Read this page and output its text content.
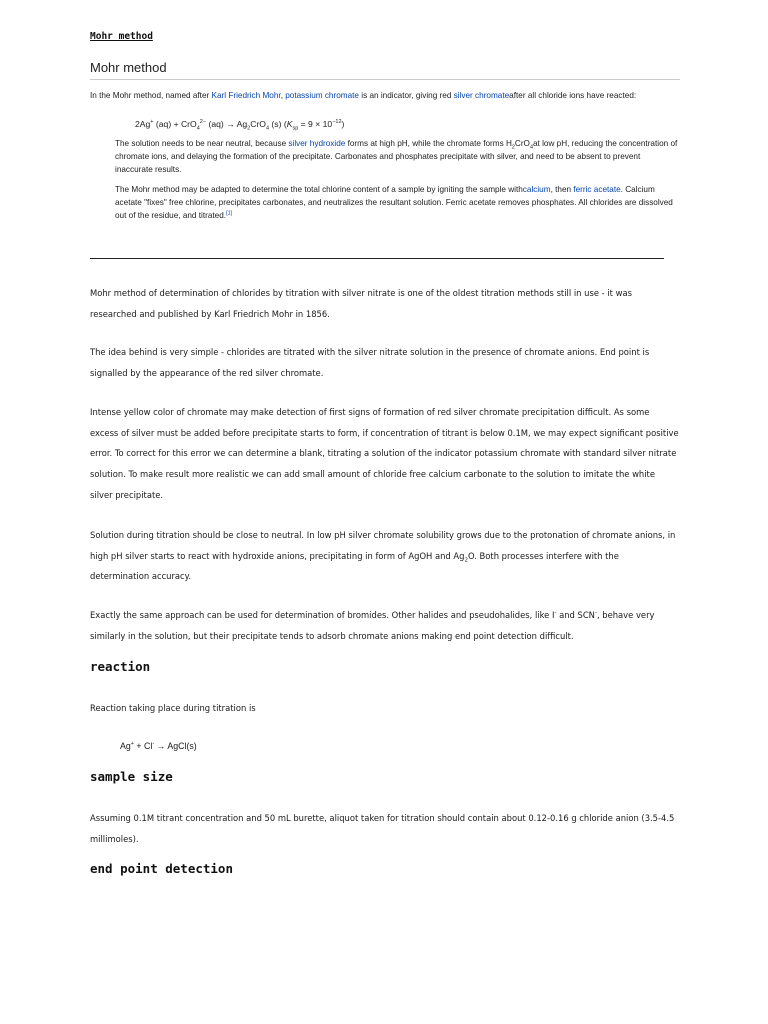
Mohr method
Mohr method
In the Mohr method, named after Karl Friedrich Mohr, potassium chromate is an indicator, giving red silver chromateafter all chloride ions have reacted:
2Ag+ (aq) + CrO$_4^{2-}$ $(aq) \to Ag_2CrO_4$ (s) $(K_{sp} = 9 \times 10^{-12})$
The solution needs to be near neutral, because silver hydroxide forms at high pH, while the chromate forms $H_2CrO_4at$ low pH, reducing the concentration of chromate ions, and delaying the formation of the precipitate. Carbonates and phosphates precipitate with silver, and need to be absent to prevent inaccurate results.
The Mohr method may be adapted to determine the total chlorine content of a sample by igniting the sample withcalcium, then ferric acetate. Calcium acetate "fixes" free chlorine, precipitates carbonates, and neutralizes the resultant solution. Ferric acetate removes phosphates. All chlorides are dissolved out of the residue, and titrated.[1]
Mohr method of determination of chlorides by titration with silver nitrate is one of the oldest titration methods still in use - it was researched and published by Karl Friedrich Mohr in 1856.
The idea behind is very simple - chlorides are titrated with the silver nitrate solution in the presence of chromate anions. End point is signalled by the appearance of the red silver chromate.
Intense yellow color of chromate may make detection of first signs of formation of red silver chromate precipitation difficult. As some excess of silver must be added before precipitate starts to form, if concentration of titrant is below 0.1M, we may expect significant positive error. To correct for this error we can determine a blank, titrating a solution of the indicator potassium chromate with standard silver nitrate solution. To make result more realistic we can add small amount of chloride free calcium carbonate to the solution to imitate the white silver precipitate.
Solution during titration should be close to neutral. In low pH silver chromate solubility grows due to the protonation of chromate anions, in high pH silver starts to react with hydroxide anions, precipitating in form of AgOH and $Ag_2O$. Both processes interfere with the determination accuracy.
Exactly the same approach can be used for determination of bromides. Other halides and pseudohalides, like I- and SCN-, behave very similarly in the solution, but their precipitate tends to adsorb chromate anions making end point detection difficult.
reaction
Reaction taking place during titration is
Ag+ + Cl- → AgCl(s)
sample size
Assuming 0.1M titrant concentration and 50 mL burette, aliquot taken for titration should contain about 0.12-0.16 g chloride anion (3.5-4.5 millimoles).
end point detection
